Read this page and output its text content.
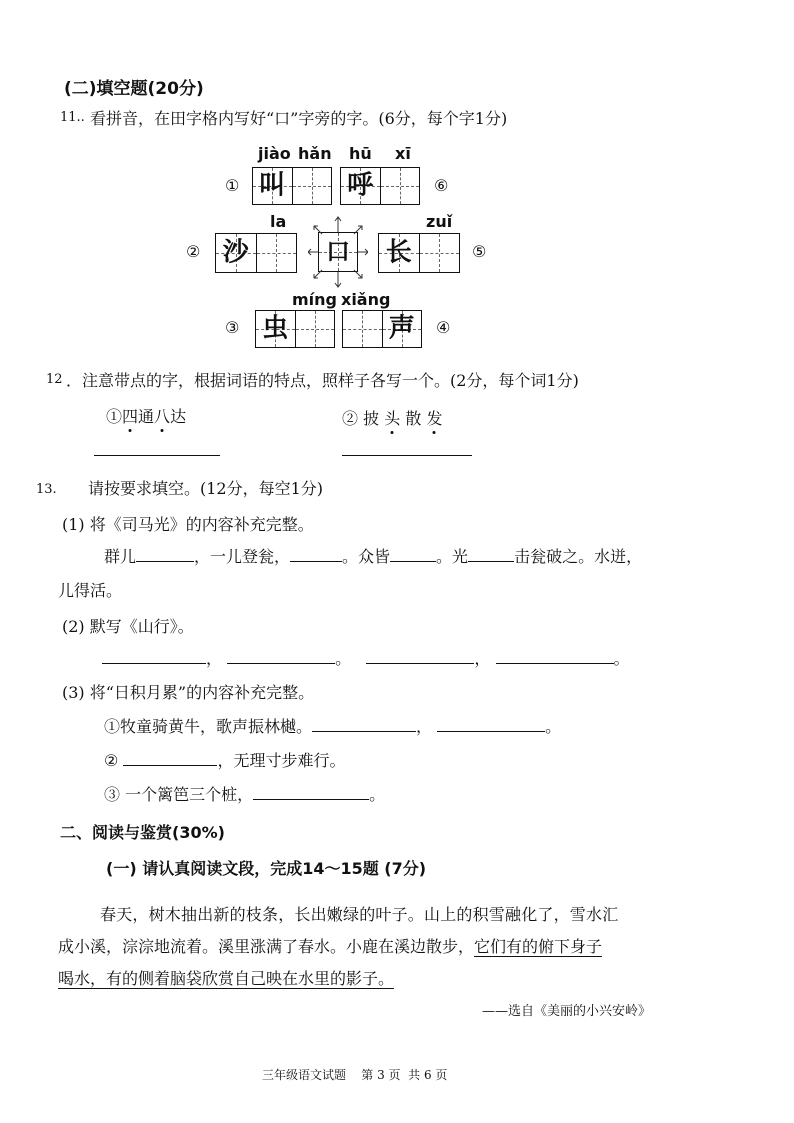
(二)填空题(20分)
11.. 看拼音，在田字格内写好“口”字旁的字。(6分，每个字1分)
jiào hǎn hū xī
① 叫 呼	⑥
la	zuǐ
② 沙	口 长	⑤
míng xiǎng
③ 虫	声	④
12 ．注意带点的字，根据词语的特点，照样子各写一个。(2分，每个词1分)
①四通八达	② 披 头 散 发
13. 请按要求填空。(12分，每空1分)
(1) 将《司马光》的内容补充完整。
群儿	，一儿登瓮，	。众皆	。光	击瓮破之。水迸，
儿得活。
(2) 默写《山行》。
，	。	，	。
(3) 将“日积月累”的内容补充完整。
①牧童骑黄牛，歌声振林樾。	，	。
②	，无理寸步难行。
③ 一个篱笆三个桩，	。
二、阅读与鉴赏(30%)
(一) 请认真阅读文段，完成14～15题 (7分)
春天，树木抽出新的枝条，长出嫩绿的叶子。山上的积雪融化了，雪水汇
成小溪，淙淙地流着。溪里涨满了春水。小鹿在溪边散步，它们有的俯下身子
喝水，有的侧着脑袋欣赏自己映在水里的影子。
——选自《美丽的小兴安岭》
三年级语文试题    第 3 页  共 6 页
